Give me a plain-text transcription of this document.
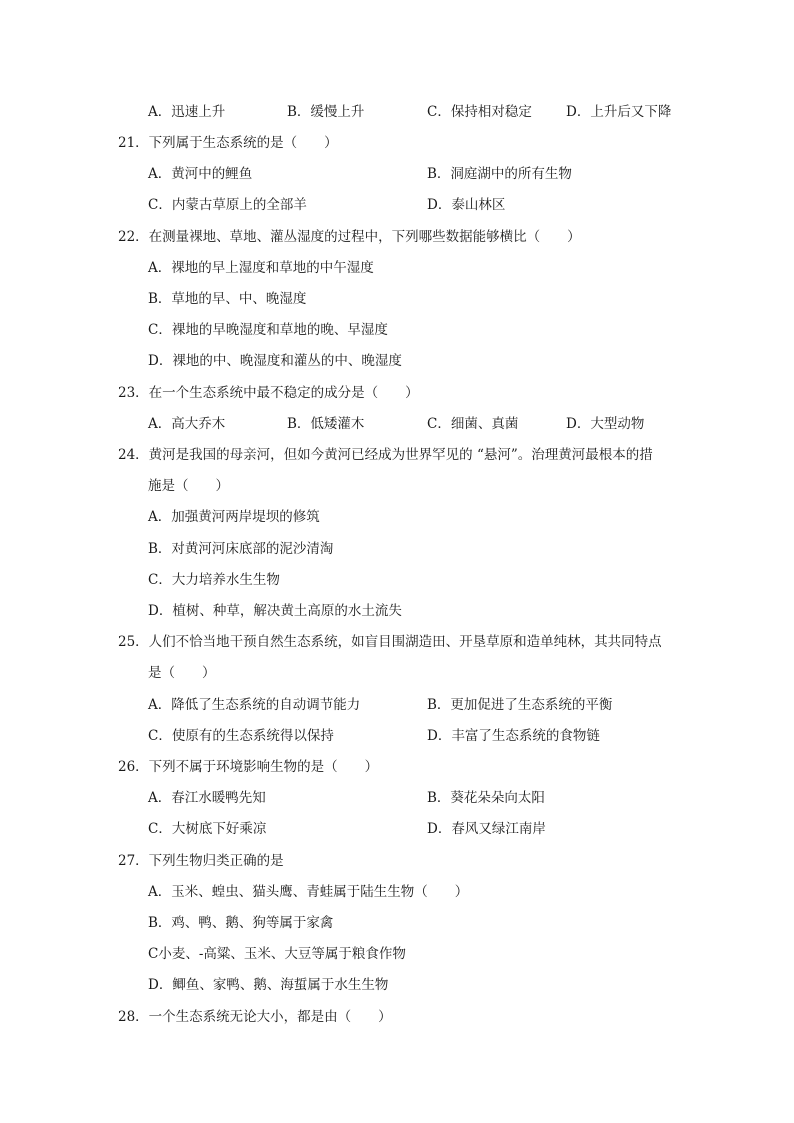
A．迅速上升	B．缓慢上升	C．保持相对稳定	D．上升后又下降
21．下列属于生态系统的是（　　）
A．黄河中的鲤鱼	B．洞庭湖中的所有生物
C．内蒙古草原上的全部羊	D．泰山林区
22．在测量裸地、草地、灌丛湿度的过程中，下列哪些数据能够横比（　　）
A．裸地的早上湿度和草地的中午湿度
B．草地的早、中、晚湿度
C．裸地的早晚湿度和草地的晚、早湿度
D．裸地的中、晚湿度和灌丛的中、晚湿度
23．在一个生态系统中最不稳定的成分是（　　）
A．高大乔木	B．低矮灌木	C．细菌、真菌	D．大型动物
24．黄河是我国的母亲河，但如今黄河已经成为世界罕见的 “悬河”。治理黄河最根本的措
施是（　　）
A．加强黄河两岸堤坝的修筑
B．对黄河河床底部的泥沙清淘
C．大力培养水生生物
D．植树、种草，解决黄土高原的水土流失
25．人们不恰当地干预自然生态系统，如盲目围湖造田、开垦草原和造单纯林，其共同特点
是（　　）
A．降低了生态系统的自动调节能力	B．更加促进了生态系统的平衡
C．使原有的生态系统得以保持	D．丰富了生态系统的食物链
26．下列不属于环境影响生物的是（　　）
A．春江水暖鸭先知	B．葵花朵朵向太阳
C．大树底下好乘凉	D．春风又绿江南岸
27．下列生物归类正确的是
A．玉米、蝗虫、猫头鹰、青蛙属于陆生生物（　　）
B．鸡、鸭、鹅、狗等属于家禽
C小麦、-高粱、玉米、大豆等属于粮食作物
D．鲫鱼、家鸭、鹅、海蜇属于水生生物
28．一个生态系统无论大小，都是由（　　）
